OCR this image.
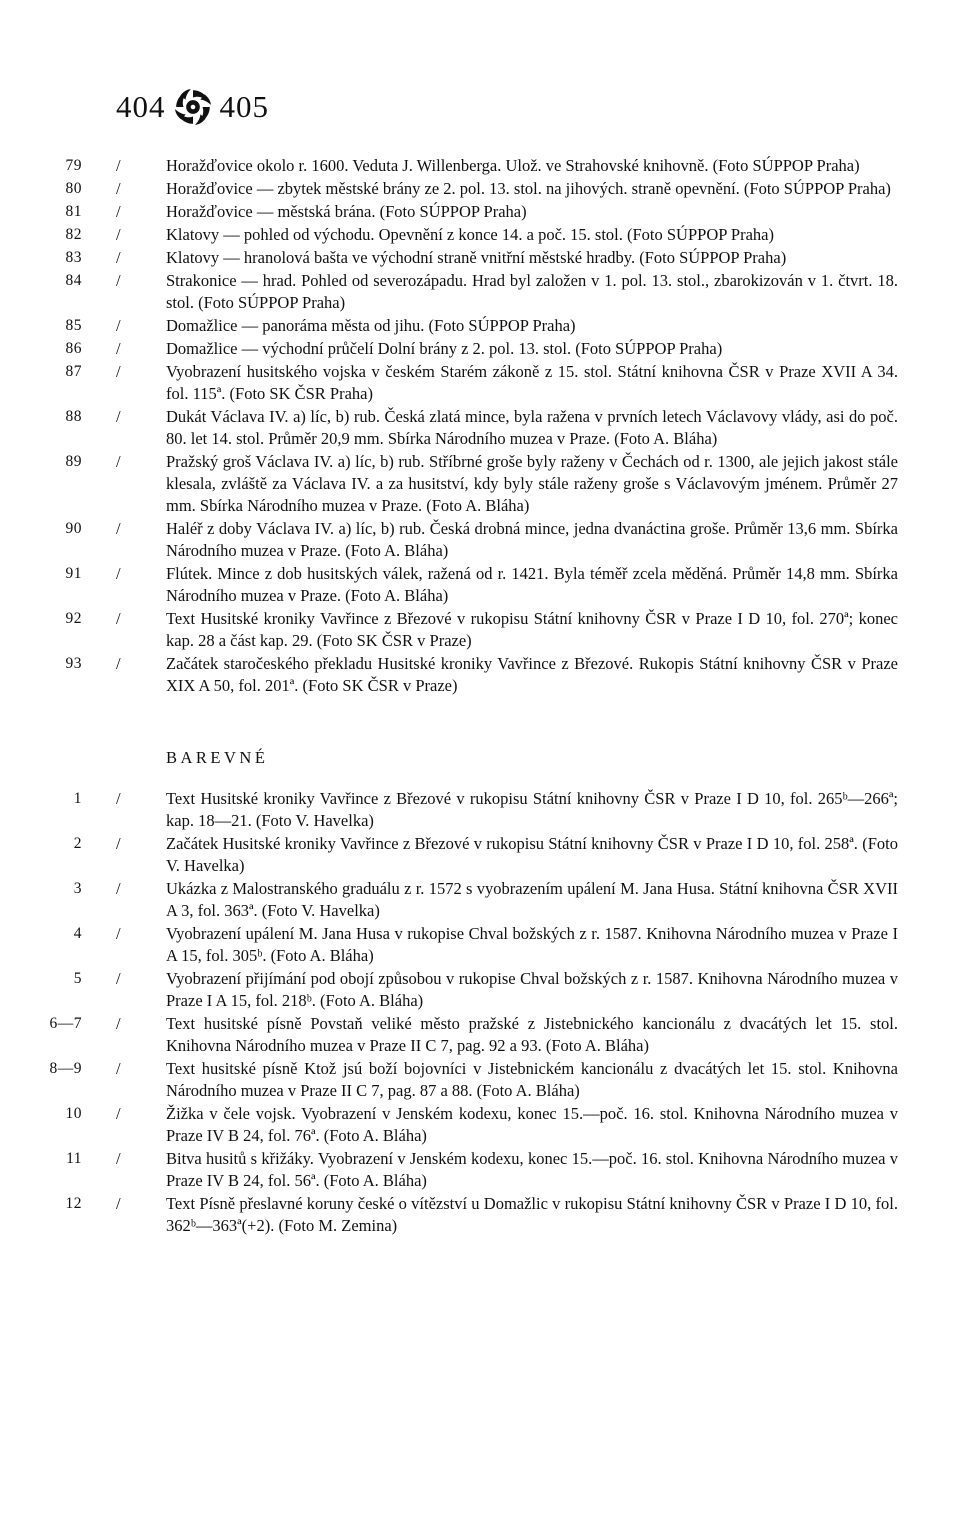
404 405
79 /	Horažďovice okolo r. 1600. Veduta J. Willenberga. Ulož. ve Strahovské knihovně. (Foto SÚPPOP Praha)
80 /	Horažďovice — zbytek městské brány ze 2. pol. 13. stol. na jihových. straně opevnění. (Foto SÚPPOP Praha)
81 /	Horažďovice — městská brána. (Foto SÚPPOP Praha)
82 /	Klatovy — pohled od východu. Opevnění z konce 14. a poč. 15. stol. (Foto SÚPPOP Praha)
83 /	Klatovy — hranolová bašta ve východní straně vnitřní městské hradby. (Foto SÚPPOP Praha)
84 /	Strakonice — hrad. Pohled od severozápadu. Hrad byl založen v 1. pol. 13. stol., zbarokizován v 1. čtvrt. 18. stol. (Foto SÚPPOP Praha)
85 /	Domažlice — panoráma města od jihu. (Foto SÚPPOP Praha)
86 /	Domažlice — východní průčelí Dolní brány z 2. pol. 13. stol. (Foto SÚPPOP Praha)
87 /	Vyobrazení husitského vojska v českém Starém zákoně z 15. stol. Státní knihovna ČSR v Praze XVII A 34. fol. 115ª. (Foto SK ČSR Praha)
88 /	Dukát Václava IV. a) líc, b) rub. Česká zlatá mince, byla ražena v prvních letech Václavovy vlády, asi do poč. 80. let 14. stol. Průměr 20,9 mm. Sbírka Národního muzea v Praze. (Foto A. Bláha)
89 /	Pražský groš Václava IV. a) líc, b) rub. Stříbrné groše byly raženy v Čechách od r. 1300, ale jejich jakost stále klesala, zvláště za Václava IV. a za husitství, kdy byly stále raženy groše s Václavovým jménem. Průměr 27 mm. Sbírka Národního muzea v Praze. (Foto A. Bláha)
90 /	Haléř z doby Václava IV. a) líc, b) rub. Česká drobná mince, jedna dvanáctina groše. Průměr 13,6 mm. Sbírka Národního muzea v Praze. (Foto A. Bláha)
91 /	Flútek. Mince z dob husitských válek, ražená od r. 1421. Byla téměř zcela měděná. Průměr 14,8 mm. Sbírka Národního muzea v Praze. (Foto A. Bláha)
92 /	Text Husitské kroniky Vavřince z Březové v rukopisu Státní knihovny ČSR v Praze I D 10, fol. 270ª; konec kap. 28 a část kap. 29. (Foto SK ČSR v Praze)
93 /	Začátek staročeského překladu Husitské kroniky Vavřince z Březové. Rukopis Státní knihovny ČSR v Praze XIX A 50, fol. 201ª. (Foto SK ČSR v Praze)
BAREVNÉ
1 /	Text Husitské kroniky Vavřince z Březové v rukopisu Státní knihovny ČSR v Praze I D 10, fol. 265ᵇ—266ª; kap. 18—21. (Foto V. Havelka)
2 /	Začátek Husitské kroniky Vavřince z Březové v rukopisu Státní knihovny ČSR v Praze I D 10, fol. 258ª. (Foto V. Havelka)
3 /	Ukázka z Malostranského graduálu z r. 1572 s vyobrazením upálení M. Jana Husa. Státní knihovna ČSR XVII A 3, fol. 363ª. (Foto V. Havelka)
4 /	Vyobrazení upálení M. Jana Husa v rukopise Chval božských z r. 1587. Knihovna Národního muzea v Praze I A 15, fol. 305ᵇ. (Foto A. Bláha)
5 /	Vyobrazení přijímání pod obojí způsobou v rukopise Chval božských z r. 1587. Knihovna Národního muzea v Praze I A 15, fol. 218ᵇ. (Foto A. Bláha)
6—7 /	Text husitské písně Povstaň veliké město pražské z Jistebnického kancionálu z dvacátých let 15. stol. Knihovna Národního muzea v Praze II C 7, pag. 92 a 93. (Foto A. Bláha)
8—9 /	Text husitské písně Ktož jsú boží bojovníci v Jistebnickém kancionálu z dvacátých let 15. stol. Knihovna Národního muzea v Praze II C 7, pag. 87 a 88. (Foto A. Bláha)
10 /	Žižka v čele vojsk. Vyobrazení v Jenském kodexu, konec 15.—poč. 16. stol. Knihovna Národního muzea v Praze IV B 24, fol. 76ª. (Foto A. Bláha)
11 /	Bitva husitů s křižáky. Vyobrazení v Jenském kodexu, konec 15.—poč. 16. stol. Knihovna Národního muzea v Praze IV B 24, fol. 56ª. (Foto A. Bláha)
12 /	Text Písně přeslavné koruny české o vítězství u Domažlic v rukopisu Státní knihovny ČSR v Praze I D 10, fol. 362ᵇ—363ª(+2). (Foto M. Zemina)
